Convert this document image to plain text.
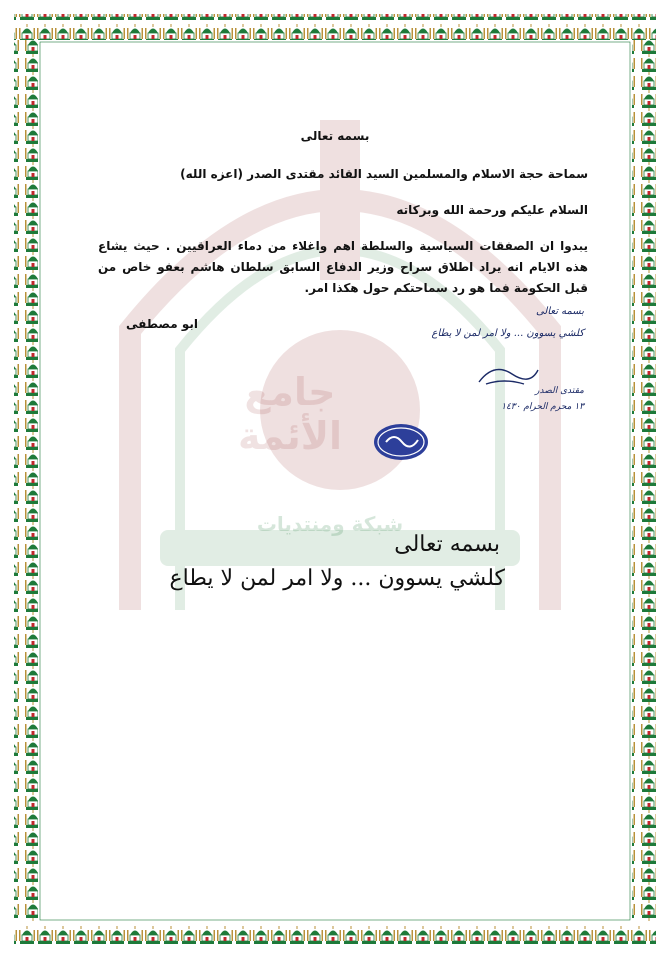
شبكة ومنتديات
جامع الأئمة
بسمه تعالى
سماحة حجة الاسلام والمسلمين السيد القائد مقتدى الصدر (اعزه الله)
السلام عليكم ورحمة الله وبركاته
يبدوا ان الصفقات السياسية والسلطة اهم واغلاء من دماء العراقيين . حيث يشاع هذه الايام انه يراد اطلاق سراح وزير الدفاع السابق سلطان هاشم بعفو خاص من قبل الحكومة فما هو رد سماحتكم حول هكذا امر.
ابو مصطفى
بسمه تعالى
كلشي يسوون ... ولا امر لمن لا يطاع
مقتدى الصدر
١٣ محرم الحرام ١٤٣٠
بسمه تعالى
كلشي يسوون ... ولا امر لمن لا يطاع
